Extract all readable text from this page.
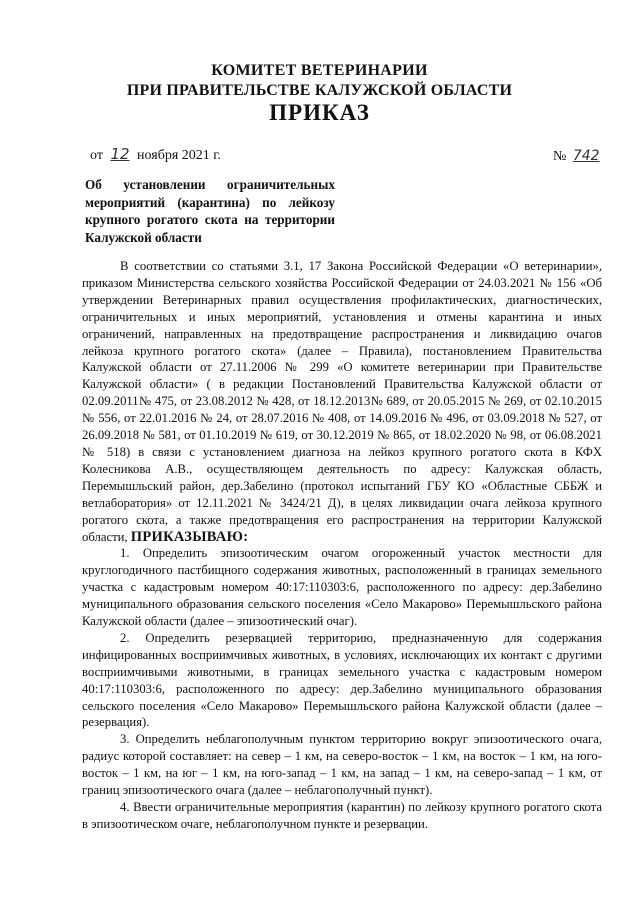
КОМИТЕТ ВЕТЕРИНАРИИ
ПРИ ПРАВИТЕЛЬСТВЕ КАЛУЖСКОЙ ОБЛАСТИ
ПРИКАЗ
от 12 ноября 2021 г.	№ 742
Об установлении ограничительных
мероприятий (карантина) по лейкозу
крупного рогатого скота на территории
Калужской области

В соответствии со статьями 3.1, 17 Закона Российской Федерации «О ветеринарии», приказом Министерства сельского хозяйства Российской Федерации от 24.03.2021 № 156 «Об утверждении Ветеринарных правил осуществления профилактических, диагностических, ограничительных и иных мероприятий, установления и отмены карантина и иных ограничений, направленных на предотвращение распространения и ликвидацию очагов лейкоза крупного рогатого скота» (далее – Правила), постановлением Правительства Калужской области от 27.11.2006 № 299 «О комитете ветеринарии при Правительстве Калужской области» ( в редакции Постановлений Правительства Калужской области от 02.09.2011№ 475, от 23.08.2012 № 428, от 18.12.2013№ 689, от 20.05.2015 № 269, от 02.10.2015 № 556, от 22.01.2016 № 24, от 28.07.2016 № 408, от 14.09.2016 № 496, от 03.09.2018 № 527, от 26.09.2018 № 581, от 01.10.2019 № 619, от 30.12.2019 № 865, от 18.02.2020 № 98, от 06.08.2021 № 518) в связи с установлением диагноза на лейкоз крупного рогатого скота в КФХ Колесникова А.В., осуществляющем деятельность по адресу: Калужская область, Перемышльский район, дер.Забелино (протокол испытаний ГБУ КО «Областные СББЖ и ветлаборатория» от 12.11.2021 № 3424/21 Д), в целях ликвидации очага лейкоза крупного рогатого скота, а также предотвращения его распространения на территории Калужской области, ПРИКАЗЫВАЮ:

1. Определить эпизоотическим очагом огороженный участок местности для круглогодичного пастбищного содержания животных, расположенный в границах земельного участка с кадастровым номером 40:17:110303:6, расположенного по адресу: дер.Забелино муниципального образования сельского поселения «Село Макарово» Перемышльского района Калужской области (далее – эпизоотический очаг).

2. Определить резервацией территорию, предназначенную для содержания инфицированных восприимчивых животных, в условиях, исключающих их контакт с другими восприимчивыми животными, в границах земельного участка с кадастровым номером 40:17:110303:6, расположенного по адресу: дер.Забелино муниципального образования сельского поселения «Село Макарово» Перемышльского района Калужской области (далее – резервация).

3. Определить неблагополучным пунктом территорию вокруг эпизоотического очага, радиус которой составляет: на север – 1 км, на северо-восток – 1 км, на восток – 1 км, на юго-восток – 1 км, на юг – 1 км, на юго-запад – 1 км, на запад – 1 км, на северо-запад – 1 км, от границ эпизоотического очага (далее – неблагополучный пункт).

4. Ввести ограничительные мероприятия (карантин) по лейкозу крупного рогатого скота в эпизоотическом очаге, неблагополучном пункте и резервации.
